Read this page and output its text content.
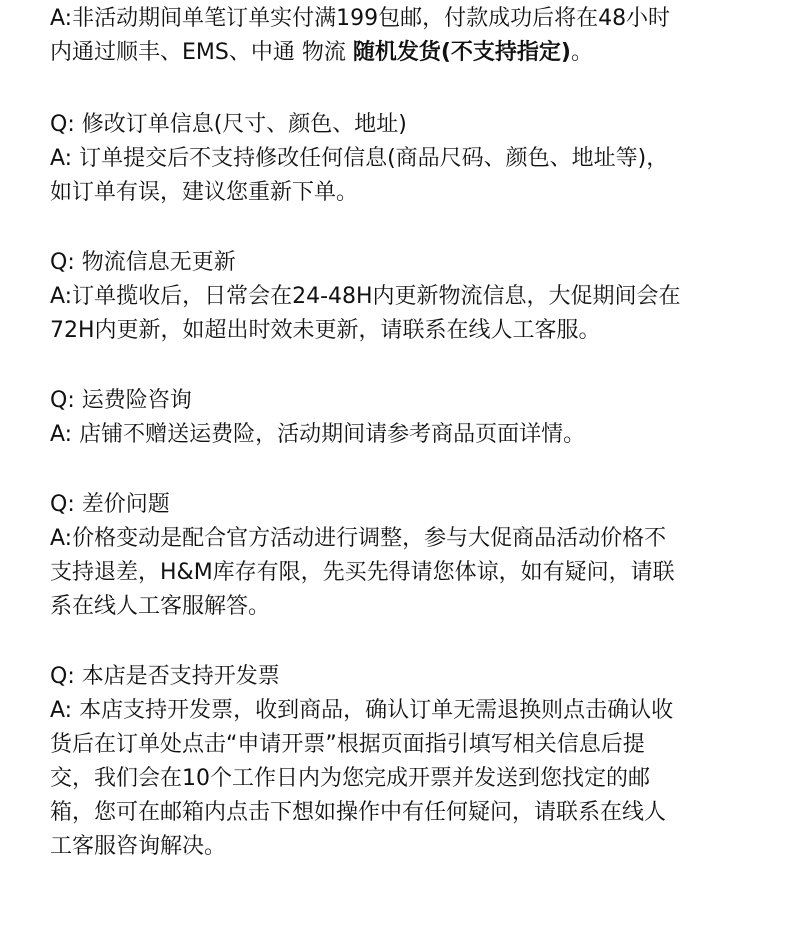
A:非活动期间单笔订单实付满199包邮，付款成功后将在48小时
内通过顺丰、EMS、中通 物流 随机发货(不支持指定)。
Q: 修改订单信息(尺寸、颜色、地址)
A: 订单提交后不支持修改任何信息(商品尺码、颜色、地址等)，
如订单有误，建议您重新下单。
Q: 物流信息无更新
A:订单揽收后，日常会在24-48H内更新物流信息，大促期间会在
72H内更新，如超出时效未更新，请联系在线人工客服。
Q: 运费险咨询
A: 店铺不赠送运费险，活动期间请参考商品页面详情。
Q: 差价问题
A:价格变动是配合官方活动进行调整，参与大促商品活动价格不
支持退差，H&M库存有限，先买先得请您体谅，如有疑问，请联
系在线人工客服解答。
Q: 本店是否支持开发票
A: 本店支持开发票，收到商品，确认订单无需退换则点击确认收
货后在订单处点击“申请开票”根据页面指引填写相关信息后提
交，我们会在10个工作日内为您完成开票并发送到您找定的邮
箱，您可在邮箱内点击下想如操作中有任何疑问，请联系在线人
工客服咨询解决。
